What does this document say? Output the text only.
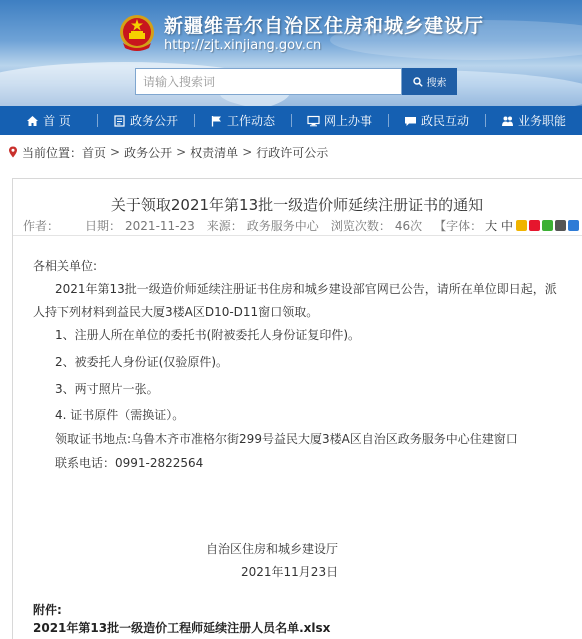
新疆维吾尔自治区住房和城乡建设厅
http://zjt.xinjiang.gov.cn
请输入搜索词
搜索
首 页	政务公开	工作动态	网上办事	政民互动	业务职能
当前位置： 首页 > 政务公开 > 权责清单 > 行政许可公示
关于领取2021年第13批一级造价师延续注册证书的通知
作者： 日期： 2021-11-23 来源： 政务服务中心 浏览次数： 46次 【字体： 大 中

各相关单位:

2021年第13批一级造价师延续注册证书住房和城乡建设部官网已公告，请所在单位即日起，派

人持下列材料到益民大厦3楼A区D10-D11窗口领取。

1、注册人所在单位的委托书(附被委托人身份证复印件)。

2、被委托人身份证(仅验原件)。

3、两寸照片一张。

4. 证书原件（需换证）。

领取证书地点:乌鲁木齐市准格尔街299号益民大厦3楼A区自治区政务服务中心住建窗口

联系电话：0991-2822564

自治区住房和城乡建设厅
2021年11月23日
附件:
2021年第13批一级造价工程师延续注册人员名单.xlsx
